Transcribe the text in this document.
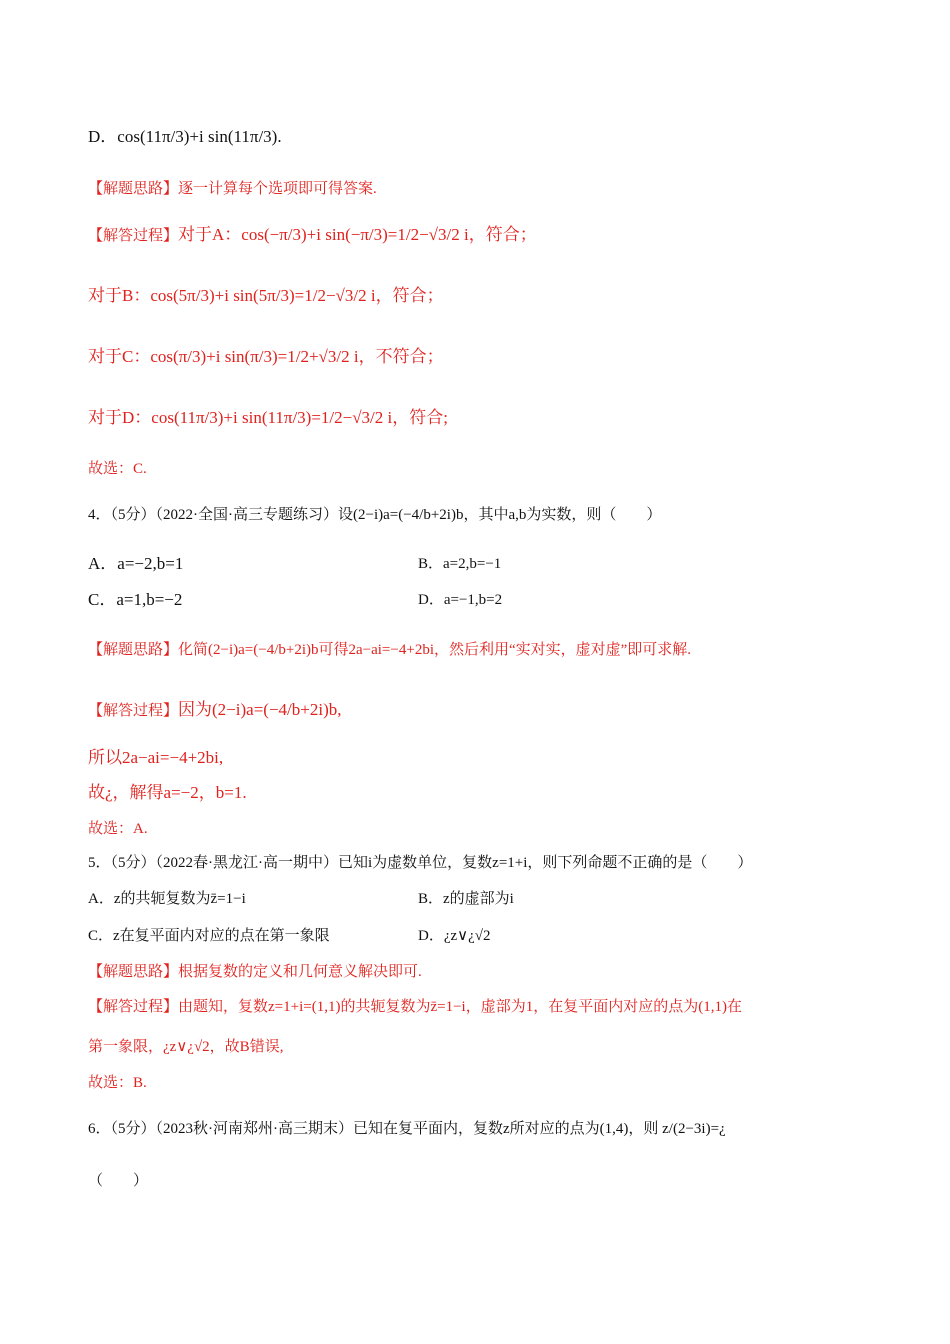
D．cos(11π/3)+i sin(11π/3).
【解题思路】逐一计算每个选项即可得答案.
【解答过程】对于A：cos(−π/3)+i sin(−π/3)=1/2−√3/2 i，符合；
对于B：cos(5π/3)+i sin(5π/3)=1/2−√3/2 i，符合；
对于C：cos(π/3)+i sin(π/3)=1/2+√3/2 i，不符合；
对于D：cos(11π/3)+i sin(11π/3)=1/2−√3/2 i，符合;
故选：C.
4．（5分）（2022·全国·高三专题练习）设(2−i)a=(−4/b+2i)b，其中a,b为实数，则（　　）
A．a=−2,b=1	B．a=2,b=−1
C．a=1,b=−2	D．a=−1,b=2
【解题思路】化简(2−i)a=(−4/b+2i)b可得2a−ai=−4+2bi，然后利用“实对实，虚对虚”即可求解.
【解答过程】因为(2−i)a=(−4/b+2i)b,
所以2a−ai=−4+2bi,
故¿，解得a=−2，b=1.
故选：A.
5．（5分）（2022春·黑龙江·高一期中）已知i为虚数单位，复数z=1+i，则下列命题不正确的是（　　）
A．z的共轭复数为z̄=1−i	B．z的虚部为i
C．z在复平面内对应的点在第一象限	D．¿z∨¿√2
【解题思路】根据复数的定义和几何意义解决即可.
【解答过程】由题知，复数z=1+i=(1,1)的共轭复数为z̄=1−i，虚部为1，在复平面内对应的点为(1,1)在
第一象限，¿z∨¿√2，故B错误,
故选：B.
6．（5分）（2023秋·河南郑州·高三期末）已知在复平面内，复数z所对应的点为(1,4)，则 z/(2−3i)=¿
（　　）
